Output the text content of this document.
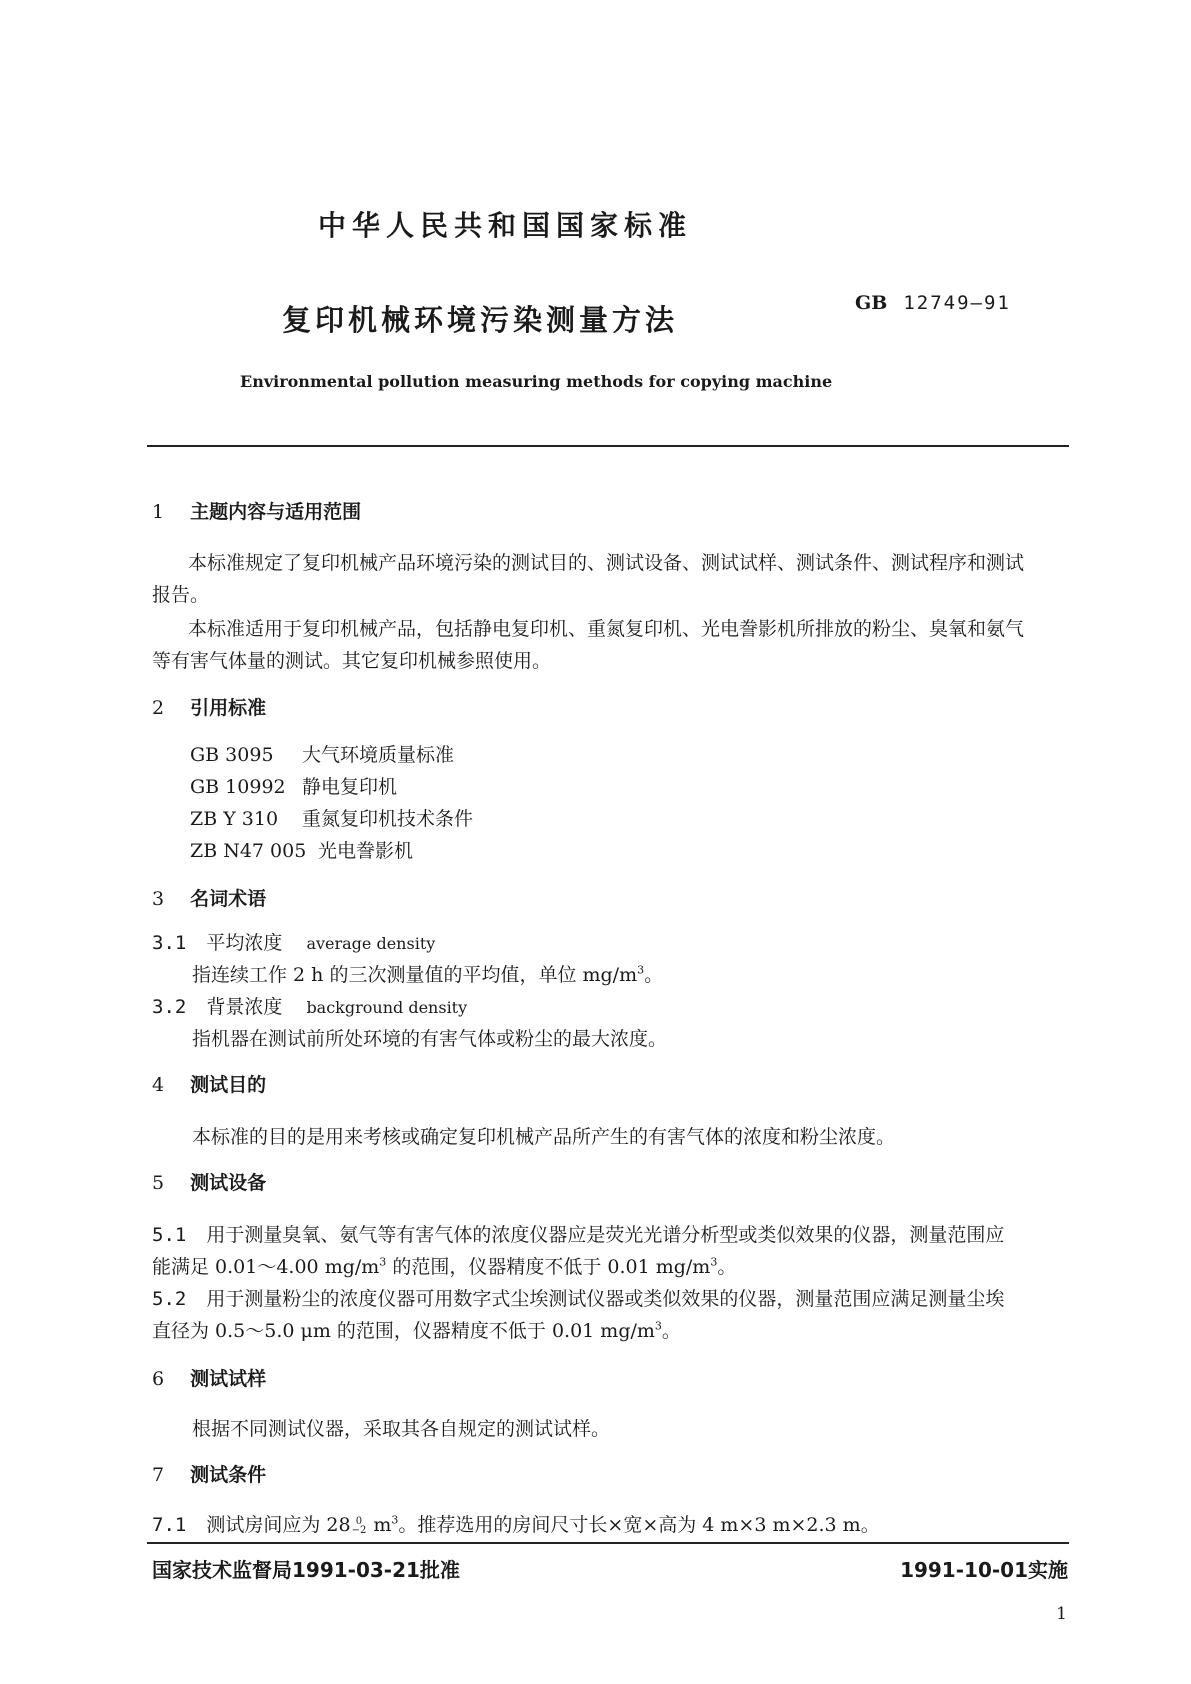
中华人民共和国国家标准
复印机械环境污染测量方法	GB 12749—91
Environmental pollution measuring methods for copying machine
1 主题内容与适用范围
本标准规定了复印机械产品环境污染的测试目的、测试设备、测试试样、测试条件、测试程序和测试
报告。
本标准适用于复印机械产品，包括静电复印机、重氮复印机、光电誊影机所排放的粉尘、臭氧和氨气
等有害气体量的测试。其它复印机械参照使用。
2 引用标准
GB 3095 大气环境质量标准
GB 10992 静电复印机
ZB Y 310 重氮复印机技术条件
ZB N47 005 光电誊影机
3 名词术语
3.1 平均浓度 average density
指连续工作 2 h 的三次测量值的平均值，单位 $mg/m^3$。
3.2 背景浓度 background density
指机器在测试前所处环境的有害气体或粉尘的最大浓度。
4 测试目的
本标准的目的是用来考核或确定复印机械产品所产生的有害气体的浓度和粉尘浓度。
5 测试设备
5.1 用于测量臭氧、氨气等有害气体的浓度仪器应是荧光光谱分析型或类似效果的仪器，测量范围应
能满足 0.01～4.00 $mg/m^3$ 的范围，仪器精度不低于 0.01 $mg/m^3$。
5.2 用于测量粉尘的浓度仪器可用数字式尘埃测试仪器或类似效果的仪器，测量范围应满足测量尘埃
直径为 0.5～5.0 μm 的范围，仪器精度不低于 0.01 $mg/m^3$。
6 测试试样
根据不同测试仪器，采取其各自规定的测试试样。
7 测试条件
7.1 测试房间应为 28 0
−2 $m^3$。推荐选用的房间尺寸长×宽×高为 4 m×3 m×2.3 m。
国家技术监督局1991-03-21批准	1991-10-01实施
1
